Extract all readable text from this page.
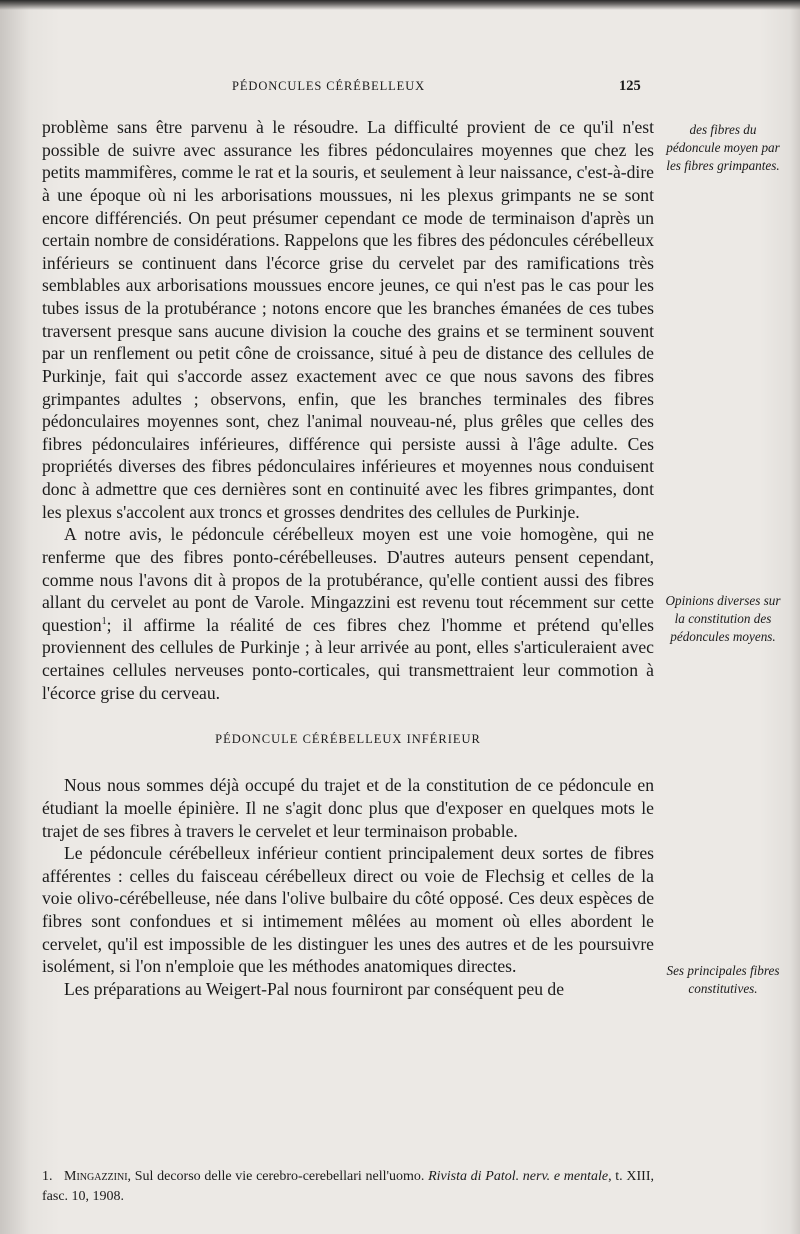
PÉDONCULES CÉRÉBELLEUX	125

problème sans être parvenu à le résoudre. La difficulté provient de ce qu'il n'est possible de suivre avec assurance les fibres pédonculaires moyennes que chez les petits mammifères, comme le rat et la souris, et seulement à leur naissance, c'est-à-dire à une époque où ni les arborisations moussues, ni les plexus grimpants ne se sont encore différenciés. On peut présumer cependant ce mode de terminaison d'après un certain nombre de considérations. Rappelons que les fibres des pédoncules cérébelleux inférieurs se continuent dans l'écorce grise du cervelet par des ramifications très semblables aux arborisations moussues encore jeunes, ce qui n'est pas le cas pour les tubes issus de la protubérance ; notons encore que les branches émanées de ces tubes traversent presque sans aucune division la couche des grains et se terminent souvent par un renflement ou petit cône de croissance, situé à peu de distance des cellules de Purkinje, fait qui s'accorde assez exactement avec ce que nous savons des fibres grimpantes adultes ; observons, enfin, que les branches terminales des fibres pédonculaires moyennes sont, chez l'animal nouveau-né, plus grêles que celles des fibres pédonculaires inférieures, différence qui persiste aussi à l'âge adulte. Ces propriétés diverses des fibres pédonculaires inférieures et moyennes nous conduisent donc à admettre que ces dernières sont en continuité avec les fibres grimpantes, dont les plexus s'accolent aux troncs et grosses dendrites des cellules de Purkinje.

A notre avis, le pédoncule cérébelleux moyen est une voie homogène, qui ne renferme que des fibres ponto-cérébelleuses. D'autres auteurs pensent cependant, comme nous l'avons dit à propos de la protubérance, qu'elle contient aussi des fibres allant du cervelet au pont de Varole. Mingazzini est revenu tout récemment sur cette question$^1$; il affirme la réalité de ces fibres chez l'homme et prétend qu'elles proviennent des cellules de Purkinje ; à leur arrivée au pont, elles s'articuleraient avec certaines cellules nerveuses ponto-corticales, qui transmettraient leur commotion à l'écorce grise du cerveau.

PÉDONCULE CÉRÉBELLEUX INFÉRIEUR

Nous nous sommes déjà occupé du trajet et de la constitution de ce pédoncule en étudiant la moelle épinière. Il ne s'agit donc plus que d'exposer en quelques mots le trajet de ses fibres à travers le cervelet et leur terminaison probable.

Le pédoncule cérébelleux inférieur contient principalement deux sortes de fibres afférentes : celles du faisceau cérébelleux direct ou voie de Flechsig et celles de la voie olivo-cérébelleuse, née dans l'olive bulbaire du côté opposé. Ces deux espèces de fibres sont confondues et si intimement mêlées au moment où elles abordent le cervelet, qu'il est impossible de les distinguer les unes des autres et de les poursuivre isolément, si l'on n'emploie que les méthodes anatomiques directes.

Les préparations au Weigert-Pal nous fourniront par conséquent peu de

des fibres du pédoncule moyen par les fibres grimpantes.
Opinions diverses sur la constitution des pédoncules moyens.
Ses principales fibres constitutives.
1. Mingazzini, Sul decorso delle vie cerebro-cerebellari nell'uomo. Rivista di Patol. nerv. e mentale, t. XIII, fasc. 10, 1908.
